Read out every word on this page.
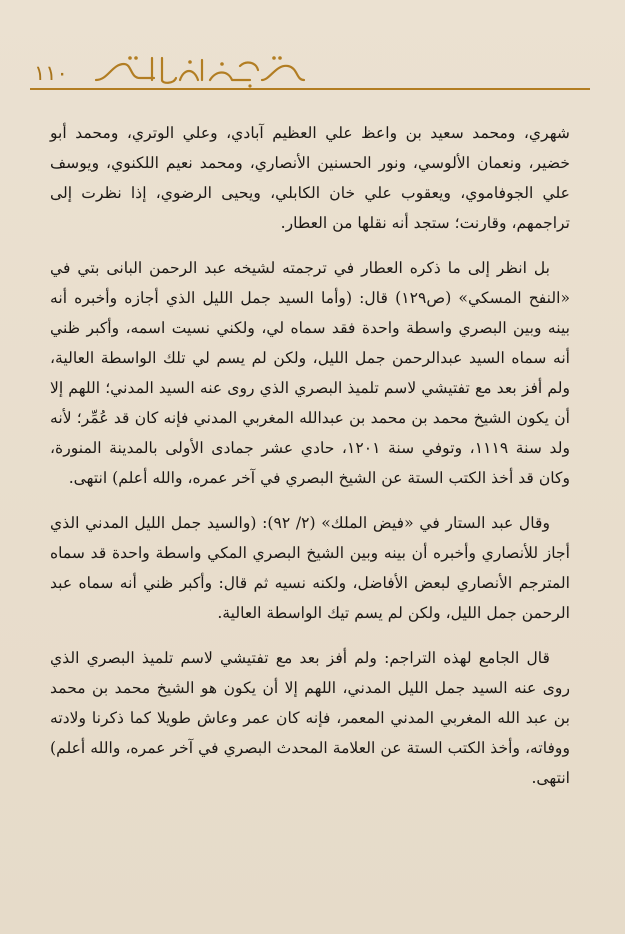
١١٠

شهري، ومحمد سعيد بن واعظ علي العظيم آبادي، وعلي الوتري، ومحمد أبو خضير، ونعمان الألوسي، ونور الحسنين الأنصاري، ومحمد نعيم اللكنوي، ويوسف علي الجوفاموي، ويعقوب علي خان الكابلي، ويحيى الرضوي، إذا نظرت إلى تراجمهم، وقارنت؛ ستجد أنه نقلها من العطار.

بل انظر إلى ما ذكره العطار في ترجمته لشيخه عبد الرحمن البانى بتي في «النفح المسكي» (ص١٢٩) قال: (وأما السيد جمل الليل الذي أجازه وأخبره أنه بينه وبين البصري واسطة واحدة فقد سماه لي، ولكني نسيت اسمه، وأكبر ظني أنه سماه السيد عبدالرحمن جمل الليل، ولكن لم يسم لي تلك الواسطة العالية، ولم أفز بعد مع تفتيشي لاسم تلميذ البصري الذي روى عنه السيد المدني؛ اللهم إلا أن يكون الشيخ محمد بن محمد بن عبدالله المغربي المدني فإنه كان قد عُمِّر؛ لأنه ولد سنة ١١١٩، وتوفي سنة ١٢٠١، حادي عشر جمادى الأولى بالمدينة المنورة، وكان قد أخذ الكتب الستة عن الشيخ البصري في آخر عمره، والله أعلم) انتهى.

وقال عبد الستار في «فيض الملك» (٢/ ٩٢): (والسيد جمل الليل المدني الذي أجاز للأنصاري وأخبره أن بينه وبين الشيخ البصري المكي واسطة واحدة قد سماه المترجم الأنصاري لبعض الأفاضل، ولكنه نسيه ثم قال: وأكبر ظني أنه سماه عبد الرحمن جمل الليل، ولكن لم يسم تيك الواسطة العالية.

قال الجامع لهذه التراجم: ولم أفز بعد مع تفتيشي لاسم تلميذ البصري الذي روى عنه السيد جمل الليل المدني، اللهم إلا أن يكون هو الشيخ محمد بن محمد بن عبد الله المغربي المدني المعمر، فإنه كان عمر وعاش طويلا كما ذكرنا ولادته ووفاته، وأخذ الكتب الستة عن العلامة المحدث البصري في آخر عمره، والله أعلم) انتهى.
